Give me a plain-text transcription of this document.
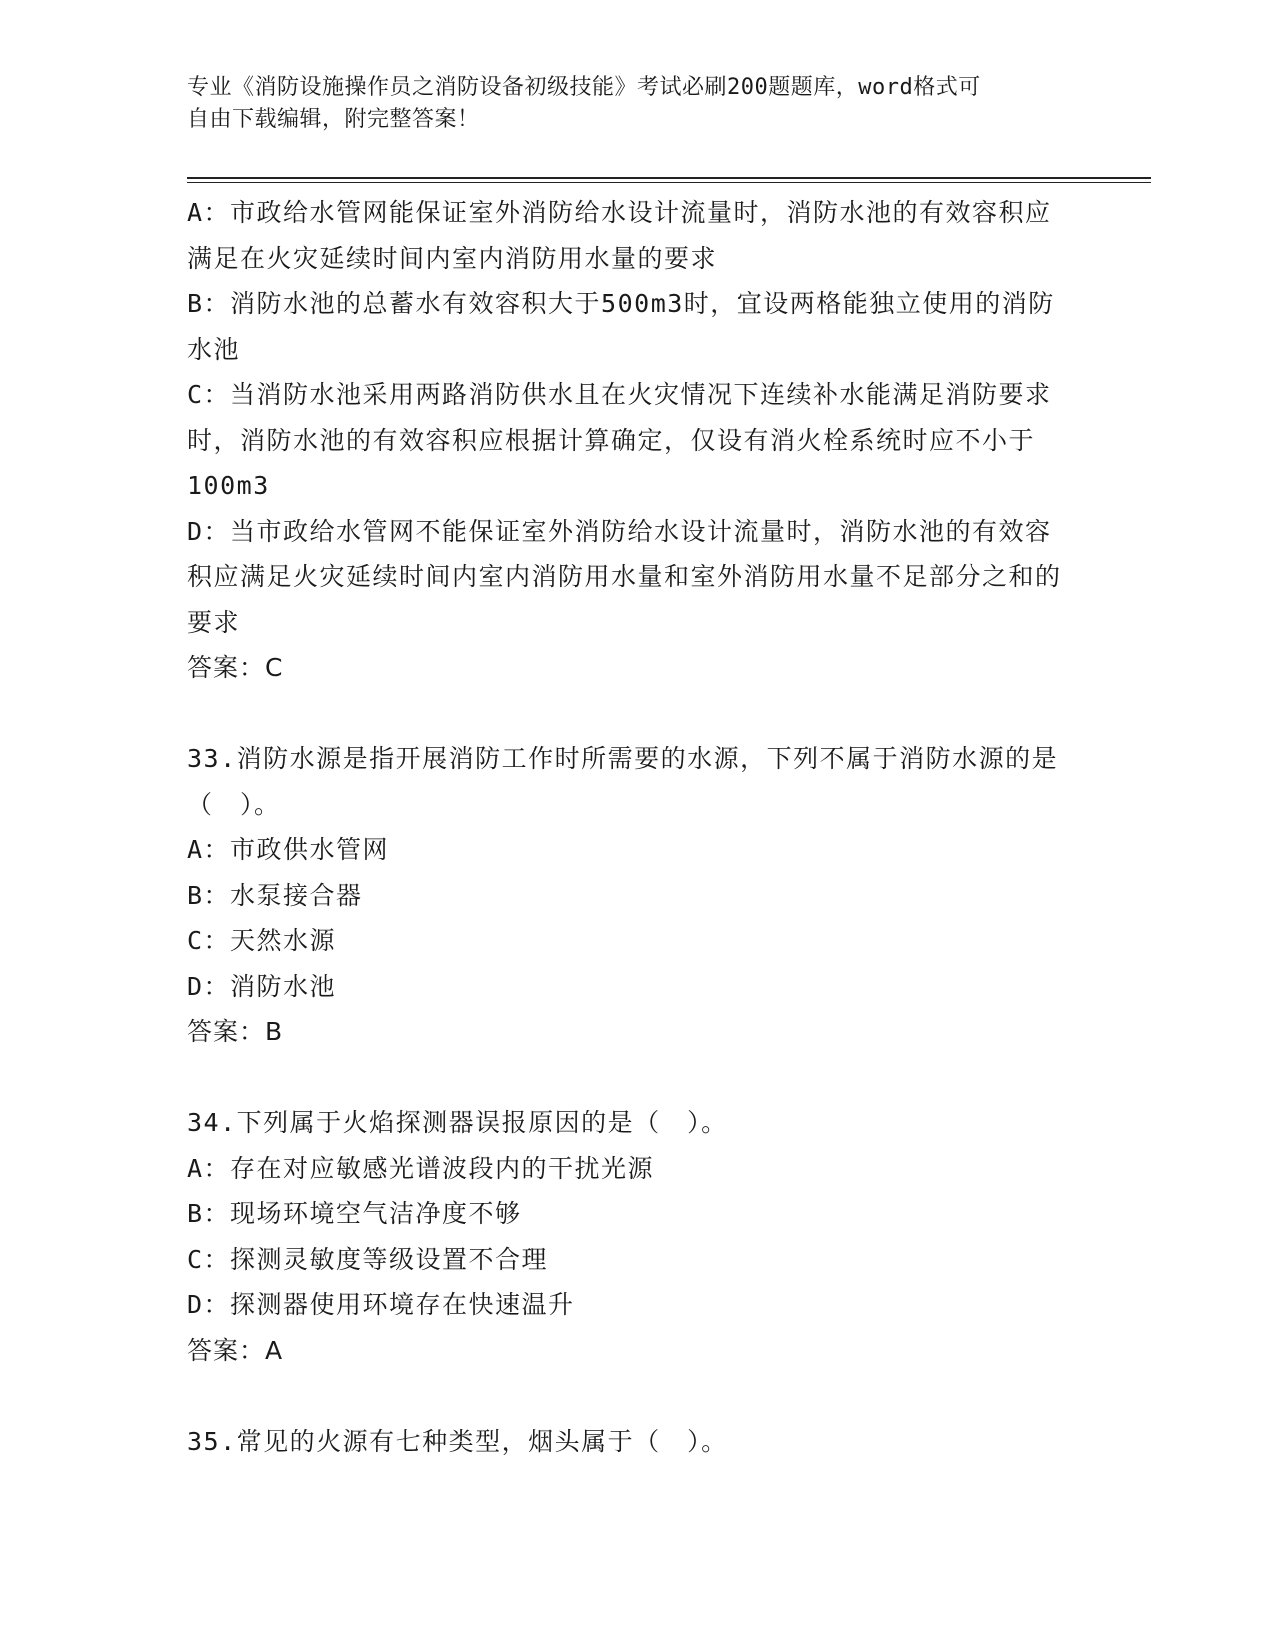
专业《消防设施操作员之消防设备初级技能》考试必刷200题题库，word格式可
自由下载编辑，附完整答案！

A：市政给水管网能保证室外消防给水设计流量时，消防水池的有效容积应满足在火灾延续时间内室内消防用水量的要求

B：消防水池的总蓄水有效容积大于500m3时，宜设两格能独立使用的消防水池

C：当消防水池采用两路消防供水且在火灾情况下连续补水能满足消防要求时，消防水池的有效容积应根据计算确定，仅设有消火栓系统时应不小于100m3

D：当市政给水管网不能保证室外消防给水设计流量时，消防水池的有效容积应满足火灾延续时间内室内消防用水量和室外消防用水量不足部分之和的要求

答案：C

33.消防水源是指开展消防工作时所需要的水源，下列不属于消防水源的是（　）。

A：市政供水管网

B：水泵接合器

C：天然水源

D：消防水池

答案：B

34.下列属于火焰探测器误报原因的是（　）。

A：存在对应敏感光谱波段内的干扰光源

B：现场环境空气洁净度不够

C：探测灵敏度等级设置不合理

D：探测器使用环境存在快速温升

答案：A

35.常见的火源有七种类型，烟头属于（　）。
